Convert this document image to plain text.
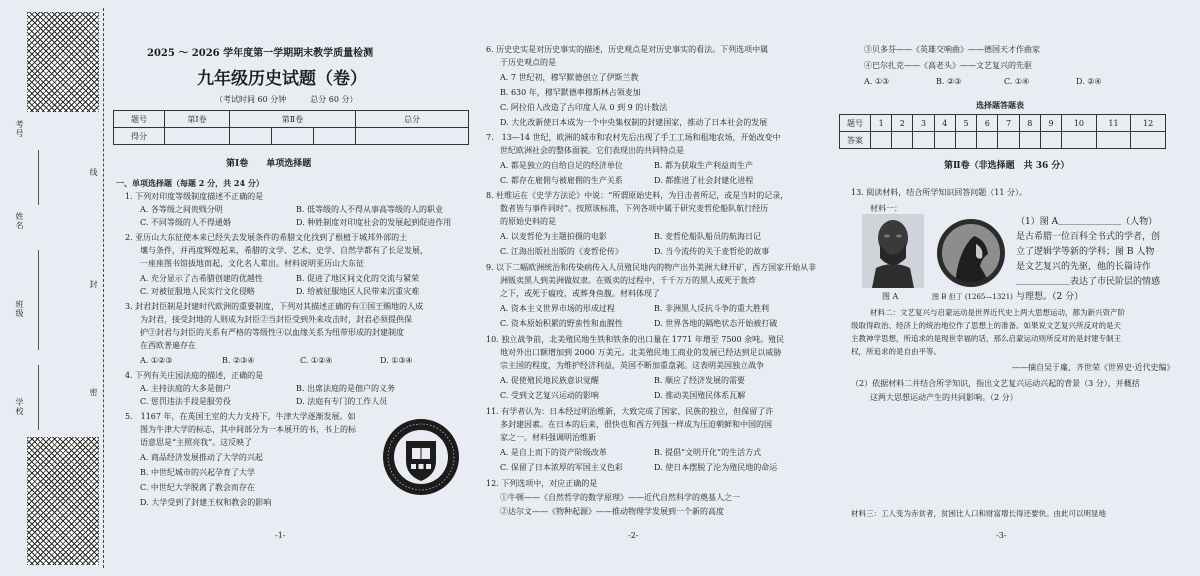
学校
班级
姓名
考号
密
封
线
2025 ～ 2026 学年度第一学期期末教学质量检测
九年级历史试题（卷）
（考试时间 60 分钟　　　总分 60 分）
题号	第Ⅰ卷	第Ⅱ卷			总分
得分					
第Ⅰ卷　　单项选择题
一、单项选择题（每题 2 分，共 24 分）
1. 下列对印度等级制度描述不正确的是
A. 各等级之间贵贱分明	B. 低等级的人不得从事高等级的人的职业
C. 不同等级的人不得通婚	D. 种姓制度对印度社会的发展起到促进作用
2. 亚历山大东征使本来已经失去发展条件的希腊文化找到了根植于城邦外部的土
壤与条件，并再度辉煌起来，希腊的文学、艺术、史学、自然学都有了长足发展，
一座座图书馆拔地而起，文化名人辈出。材料说明亚历山大东征
A. 充分显示了古希腊创建的优越性	B. 促进了地区间文化的交流与紧荣
C. 对被征服地人民实行文化侵略	D. 给被征服地区人民带来沉重灾难
3. 封君封臣制是封建时代欧洲的重要制度，下列对其描述正确的有①国王赐地的人成
为封君，接受封地的人则成为封臣②当封臣受到外来攻击时，封君必须提供保
护③封君与封臣的关系有严格的等级性④以血缘关系为纽带形成的封建制度
在西欧普遍存在
A. ①②③	B. ②③④	C. ①②④	D. ①③④
4. 下列有关庄园法庭的描述，正确的是
A. 主持法庭的大多是佃户	B. 出席法庭的是佃户的义务
C. 惩罚违法手段是服劳役	D. 法庭有专门的工作人员
5.　1167 年，在英国王室的大力支持下，牛津大学逐渐发展。如
图为牛津大学的标志，其中间部分为一本展开的书，书上的标
语意思是“主照亮我”。这反映了
A. 商品经济发展推动了大学的兴起
B. 中世纪城市的兴起孕育了大学
C. 中世纪大学脱离了教会而存在
D. 大学受到了封建王权和教会的影响
-1-
6. 历史史实是对历史事实的描述，历史观点是对历史事实的看法。下列选项中属
于历史观点的是
A. 7 世纪初，穆罕默德创立了伊斯兰教
B. 630 年，穆罕默德率穆斯林占领麦加
C. 阿拉伯人改造了古印度人从 0 到 9 的计数法
D. 大化改新使日本成为一个中央集权制的封建国家，推动了日本社会的发展
7.　13—14 世纪，欧洲的城市和农村先后出现了手工工场和租地农场，开始改变中
世纪欧洲社会的整体面貌。它们表现出的共同特点是
A. 都是独立的自给自足的经济单位	B. 都为获取生产利益而生产
C. 都存在雇佣与被雇佣的生产关系	D. 都推进了社会封建化进程
8. 杜维运在《史学方法论》中说：“所谓原始史料，为目击者所记，或是当时的记录，
数者皆与事件同时”。按照该标准，下列各项中属于研究麦哲伦船队航行经历
的原始史料的是
A. 以麦哲伦为主题拍摄的电影	B. 麦哲伦船队船员的航海日记
C. 江海出版社出版的《麦哲伦传》	D. 当今流传的关于麦哲伦的故事
9. 以下二幅欧洲统治和传染病传入人员殖民地内的物产出外美洲大肆开矿，西方国家开始从非
洲贩卖黑人到美洲做奴隶。在贩卖的过程中，千千万万的黑人或死于轰炸
之下，或死于瘟疫，或葬身鱼腹。材料体现了
A. 资本主义世界市场的形成过程	B. 非洲黑人反抗斗争的重大胜利
C. 资本原始积累的野蛮性和血腥性	D. 世界各地的隔绝状态开始被打破
10. 独立战争前，北美殖民地生铁和铁条的出口量在 1771 年增至 7500 余吨。殖民
地对外出口额增加到 2000 万美元。北美殖民地工商业的发展已经达到足以威胁
宗主国的程度，为维护经济利益，英国不断加重盘剥。这表明美国独立战争
A. 促使殖民地民族意识觉醒	B. 顺应了经济发展的需要
C. 受到文艺复兴运动的影响	D. 推动美国殖民体系瓦解
11. 有学者认为：日本经过明治维新，大致完成了国家、民族的独立，但保留了许
多封建因素。在日本的后来，很快也和西方列强一样成为压迫朝鲜和中国的国
家之一。材料强调明治维新
A. 是自上而下的资产阶级改革	B. 提倡“文明开化”的生活方式
C. 保留了日本浓厚的军国主义色彩	D. 使日本摆脱了沦为殖民地的命运
12. 下列选项中，对应正确的是
①牛顿——《自然哲学的数学原理》——近代自然科学的奠基人之一
②达尔文——《物种起源》——推动物理学发展到一个新的高度
-2-
③贝多芬——《英雄交响曲》——德国天才作曲家
④巴尔扎克——《高老头》——文艺复兴的先驱
A. ①③	B. ②③	C. ①④	D. ②④
选择题答题表
题号	1	2	3	4	5	6	7	8	9	10	11	12
答案												
第Ⅱ卷（非选择题　共 36 分）
13. 阅读材料，结合所学知识回答问题（11 分）。
材料一：
图 A	图 B 但丁 (1265—1321)
（1）图 A＿＿＿＿＿＿＿（人物）
是古希腊一位百科全书式的学者，创
立了逻辑学等新的学科；图 B 人物
是文艺复兴的先驱，他的长篇诗作
＿＿＿＿＿＿表达了市民阶层的情感
与理想。（2 分）
材料二：文艺复兴与启蒙运动是世界近代史上两大思想运动，都为新兴资产阶
级取得政治、经济上的统治地位作了思想上的准备。如果说文艺复兴所反对的是天
主教神学思想，所追求的是现世幸福的话，那么启蒙运动则所反对的是封建专制王
权，所追求的是自由平等。
——摘自吴于廑、齐世荣《世界史·近代史编》
（2）依据材料二并结合所学知识，指出文艺复兴运动兴起的背景（3 分），并概括
这两大思想运动产生的共同影响。（2 分）
材料三：工人变为赤贫者，贫困比人口和财富增长得还要快。由此可以明显地
-3-
